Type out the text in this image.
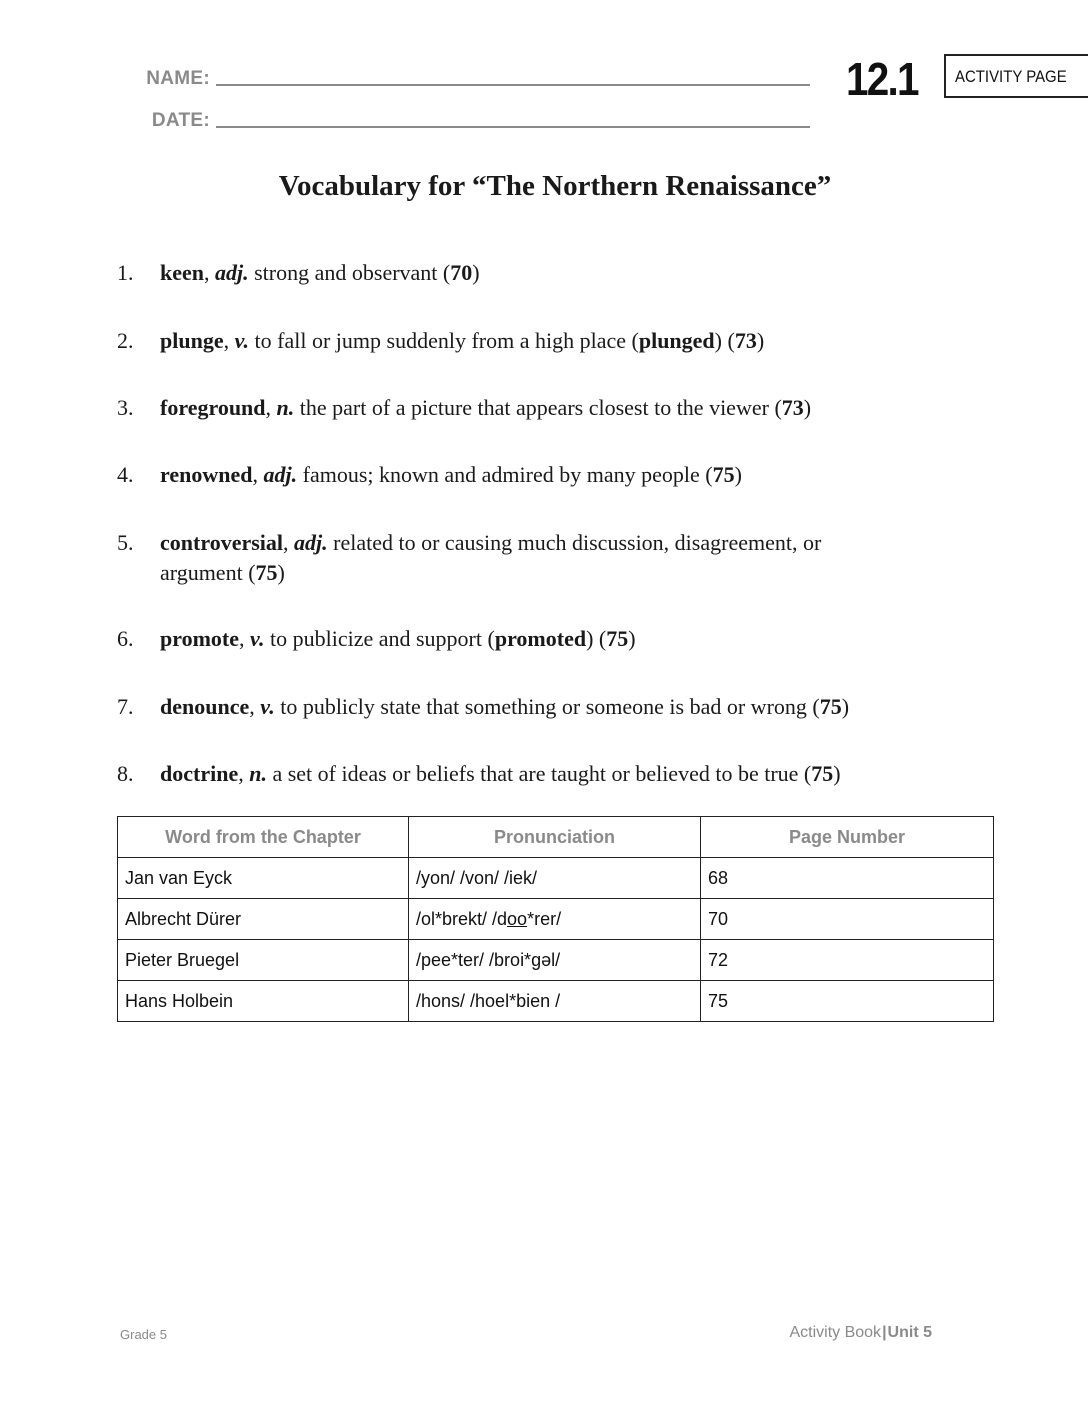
NAME:
DATE:
12.1 ACTIVITY PAGE
Vocabulary for “The Northern Renaissance”
1. keen, adj. strong and observant (70)
2. plunge, v. to fall or jump suddenly from a high place (plunged) (73)
3. foreground, n. the part of a picture that appears closest to the viewer (73)
4. renowned, adj. famous; known and admired by many people (75)
5. controversial, adj. related to or causing much discussion, disagreement, or argument (75)
6. promote, v. to publicize and support (promoted) (75)
7. denounce, v. to publicly state that something or someone is bad or wrong (75)
8. doctrine, n. a set of ideas or beliefs that are taught or believed to be true (75)
Word from the Chapter	Pronunciation	Page Number
Jan van Eyck	/yon/ /von/ /iek/	68
Albrecht Dürer	/ol*brekt/ /doo*rer/	70
Pieter Bruegel	/pee*ter/ /broi*gəl/	72
Hans Holbein	/hons/ /hoel*bien /	75
Grade 5	Activity Book|Unit 5
